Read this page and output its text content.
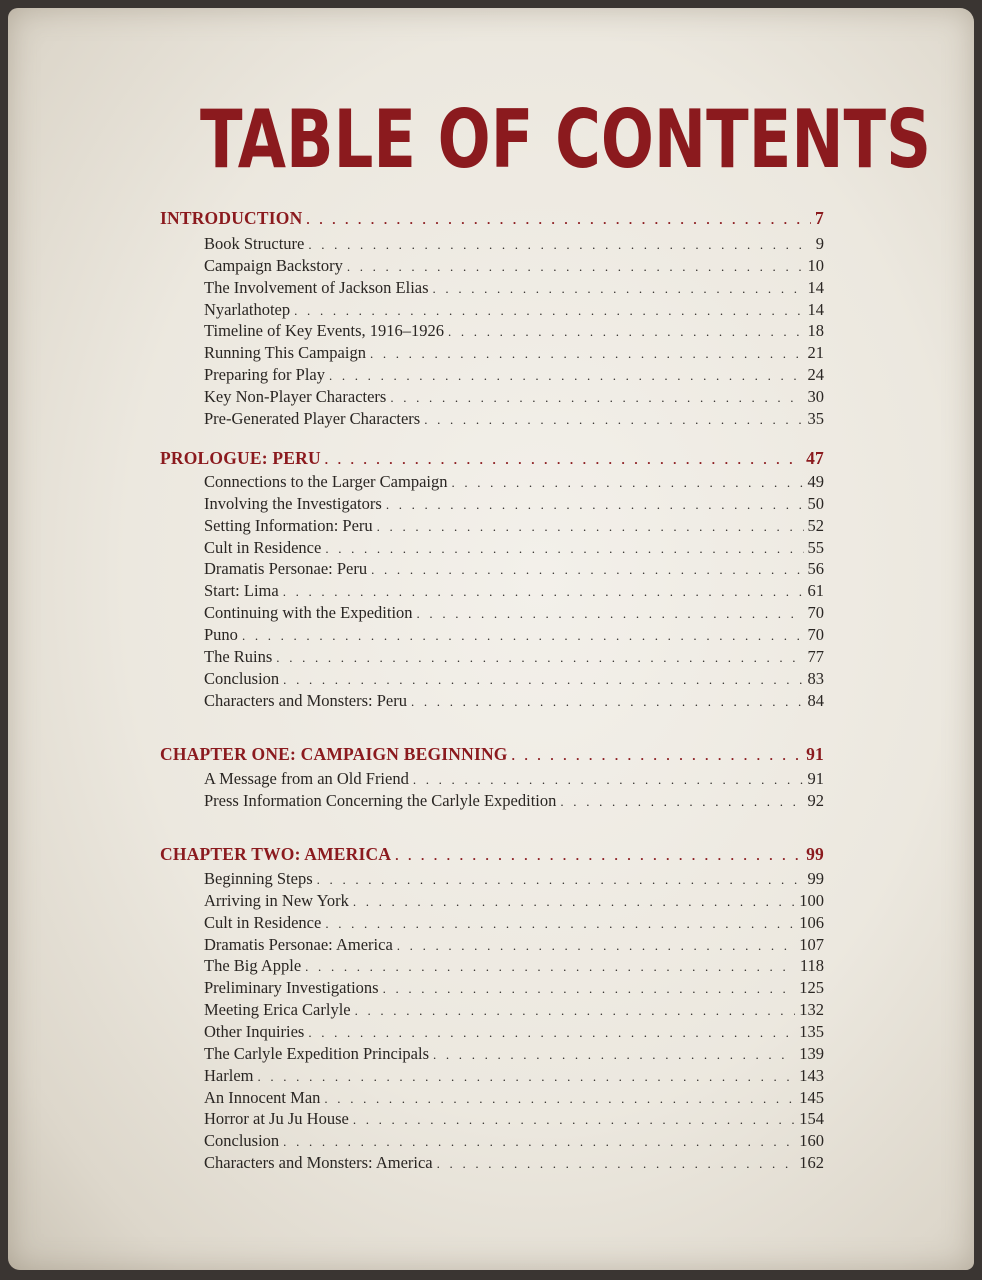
TABLE OF CONTENTS
INTRODUCTION . . .	7
Book Structure . . .	9
Campaign Backstory . . .	10
The Involvement of Jackson Elias . . .	14
Nyarlathotep . . .	14
Timeline of Key Events, 1916–1926 . . .	18
Running This Campaign . . .	21
Preparing for Play . . .	24
Key Non-Player Characters . . .	30
Pre-Generated Player Characters . . .	35
PROLOGUE: PERU . . .	47
Connections to the Larger Campaign . . .	49
Involving the Investigators . . .	50
Setting Information: Peru . . .	52
Cult in Residence . . .	55
Dramatis Personae: Peru . . .	56
Start: Lima . . .	61
Continuing with the Expedition . . .	70
Puno . . .	70
The Ruins . . .	77
Conclusion . . .	83
Characters and Monsters: Peru . . .	84
CHAPTER ONE: CAMPAIGN BEGINNING . . .	91
A Message from an Old Friend . . .	91
Press Information Concerning the Carlyle Expedition . . .	92
CHAPTER TWO: AMERICA . . .	99
Beginning Steps . . .	99
Arriving in New York . . .	100
Cult in Residence . . .	106
Dramatis Personae: America . . .	107
The Big Apple . . .	118
Preliminary Investigations . . .	125
Meeting Erica Carlyle . . .	132
Other Inquiries . . .	135
The Carlyle Expedition Principals . . .	139
Harlem . . .	143
An Innocent Man . . .	145
Horror at Ju Ju House . . .	154
Conclusion . . .	160
Characters and Monsters: America . . .	162
